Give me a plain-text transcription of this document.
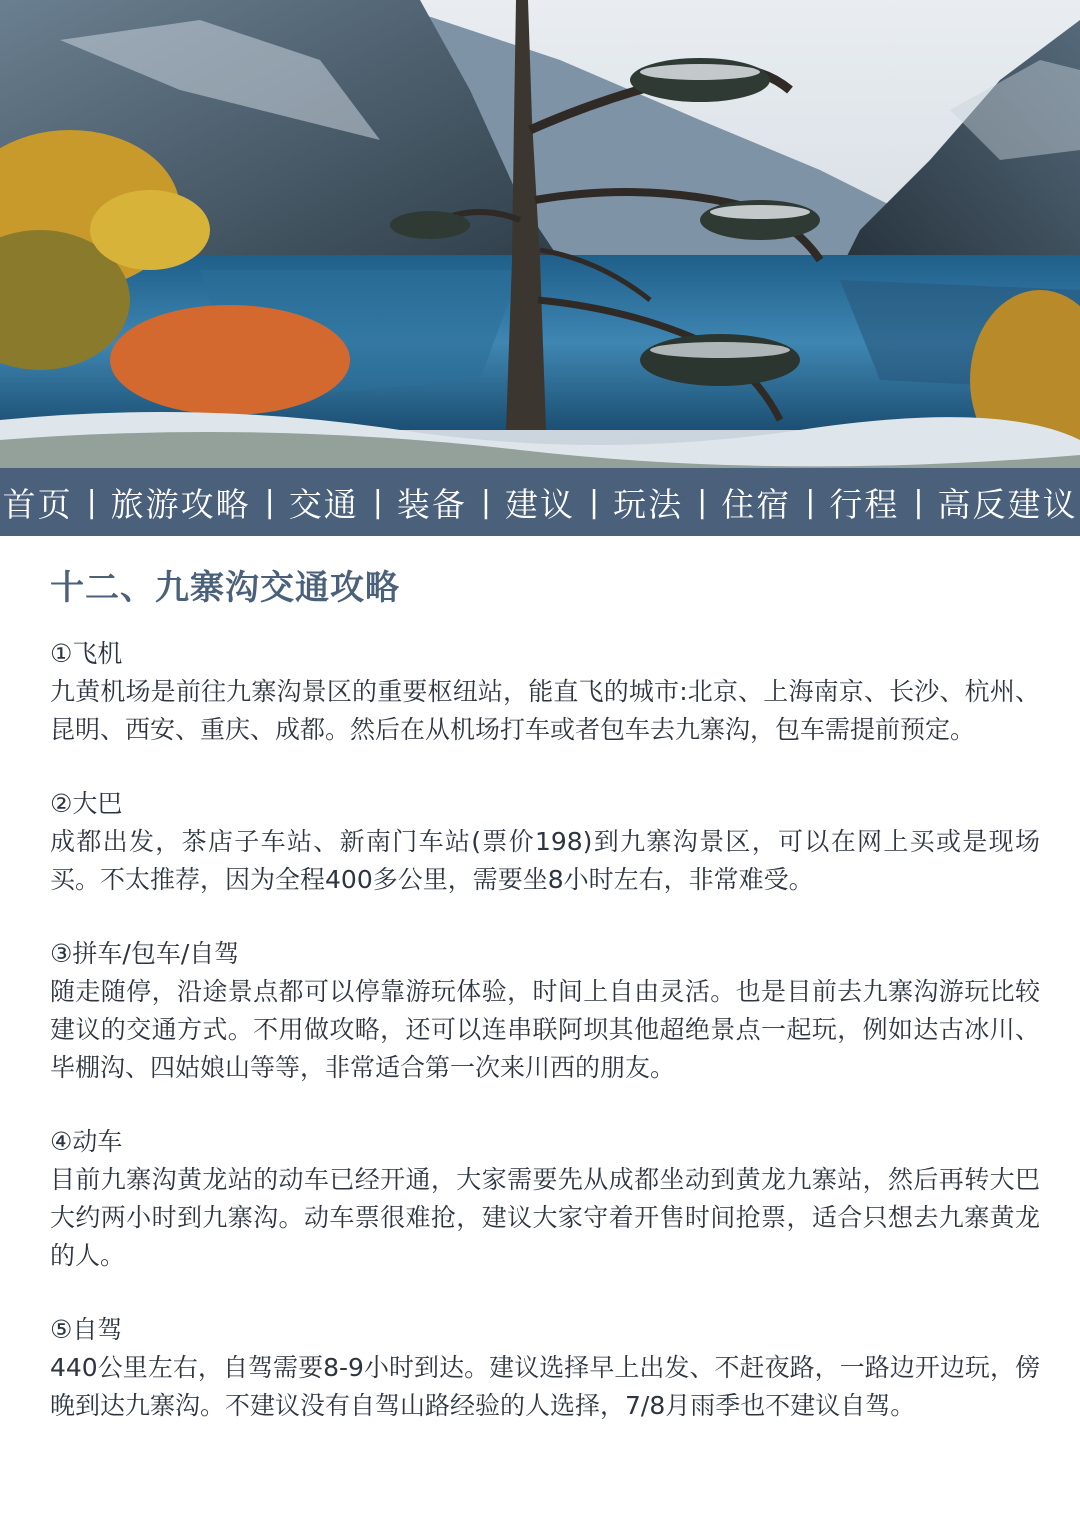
首页 | 旅游攻略 | 交通 | 装备 | 建议 | 玩法 | 住宿 | 行程 | 高反建议
十二、九寨沟交通攻略
①飞机
九黄机场是前往九寨沟景区的重要枢纽站，能直飞的城市:北京、上海南京、长沙、杭州、昆明、西安、重庆、成都。然后在从机场打车或者包车去九寨沟，包车需提前预定。
②大巴
成都出发，茶店子车站、新南门车站(票价198)到九寨沟景区，可以在网上买或是现场买。不太推荐，因为全程400多公里，需要坐8小时左右，非常难受。
③拼车/包车/自驾
随走随停，沿途景点都可以停靠游玩体验，时间上自由灵活。也是目前去九寨沟游玩比较建议的交通方式。不用做攻略，还可以连串联阿坝其他超绝景点一起玩，例如达古冰川、毕棚沟、四姑娘山等等，非常适合第一次来川西的朋友。
④动车
目前九寨沟黄龙站的动车已经开通，大家需要先从成都坐动到黄龙九寨站，然后再转大巴大约两小时到九寨沟。动车票很难抢，建议大家守着开售时间抢票，适合只想去九寨黄龙的人。
⑤自驾
440公里左右，自驾需要8-9小时到达。建议选择早上出发、不赶夜路，一路边开边玩，傍晚到达九寨沟。不建议没有自驾山路经验的人选择，7/8月雨季也不建议自驾。
